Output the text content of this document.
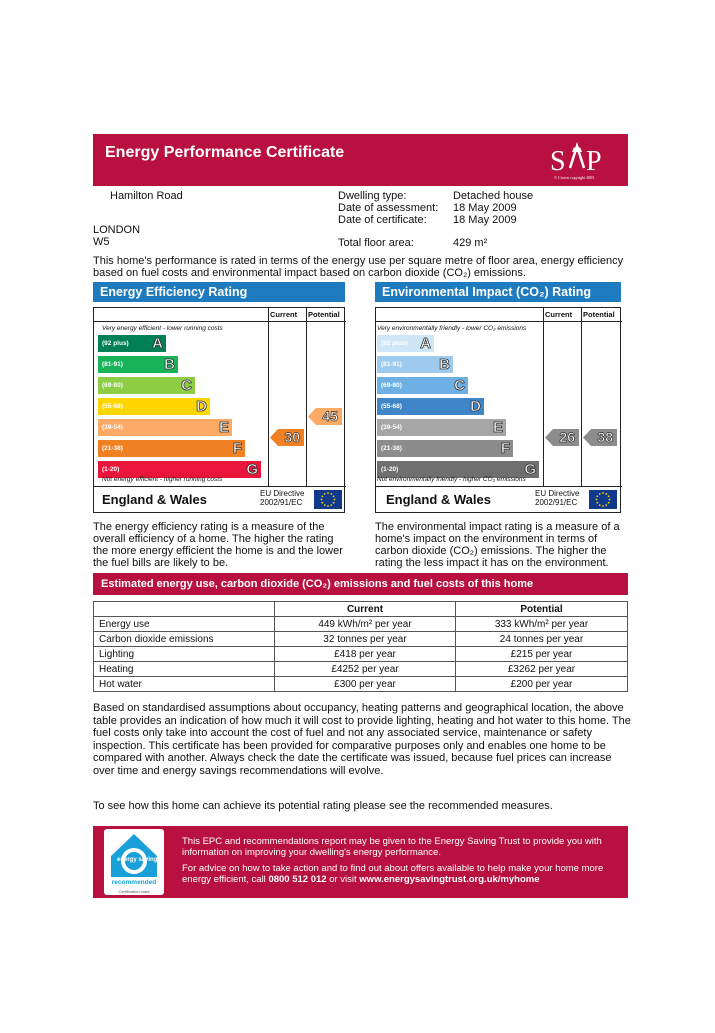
Energy Performance Certificate	S P
© Crown copyright 2005
Hamilton Road
LONDON
W5
Dwelling type:	Detached house
Date of assessment: 18 May 2009
Date of certificate: 18 May 2009
Total floor area:	429 m²
This home's performance is rated in terms of the energy use per square metre of floor area, energy efficiency based on fuel costs and environmental impact based on carbon dioxide (CO₂) emissions.
Energy Efficiency Rating
Current Potential
Very energy efficient - lower running costs
(92 plus) A
(81-91)	B
(69-80)	C
(55-68)	D
(39-54)	E
(21-38)	F
(1-20)	G
30
45
Not energy efficient - higher running costs
England & Wales	EU Directive
2002/91/EC
The energy efficiency rating is a measure of the overall efficiency of a home. The higher the rating the more energy efficient the home is and the lower the fuel bills are likely to be.
Environmental Impact (CO₂) Rating
Current Potential
Very environmentally friendly - lower CO₂ emissions
(92 plus) A
(81-91) B
(69-80)	C
(55-68)	D
(39-54)	E
(21-38)	F
(1-20)	G
26 38
Not environmentally friendly - higher CO₂ emissions
England & Wales	EU Directive
2002/91/EC
The environmental impact rating is a measure of a home's impact on the environment in terms of carbon dioxide (CO₂) emissions. The higher the rating the less impact it has on the environment.
Estimated energy use, carbon dioxide (CO₂) emissions and fuel costs of this home
	Current	Potential
Energy use	449 kWh/m² per year	333 kWh/m² per year
Carbon dioxide emissions	32 tonnes per year	24 tonnes per year
Lighting	£418 per year	£215 per year
Heating	£4252 per year	£3262 per year
Hot water	£300 per year	£200 per year
Based on standardised assumptions about occupancy, heating patterns and geographical location, the above table provides an indication of how much it will cost to provide lighting, heating and hot water to this home. The fuel costs only take into account the cost of fuel and not any associated service, maintenance or safety inspection. This certificate has been provided for comparative purposes only and enables one home to be compared with another. Always check the date the certificate was issued, because fuel prices can increase over time and energy savings recommendations will evolve.
To see how this home can achieve its potential rating please see the recommended measures.
energy saving
recommended
Certification mark
This EPC and recommendations report may be given to the Energy Saving Trust to provide you with information on improving your dwelling's energy performance.
For advice on how to take action and to find out about offers available to help make your home more energy efficient, call 0800 512 012 or visit www.energysavingtrust.org.uk/myhome
